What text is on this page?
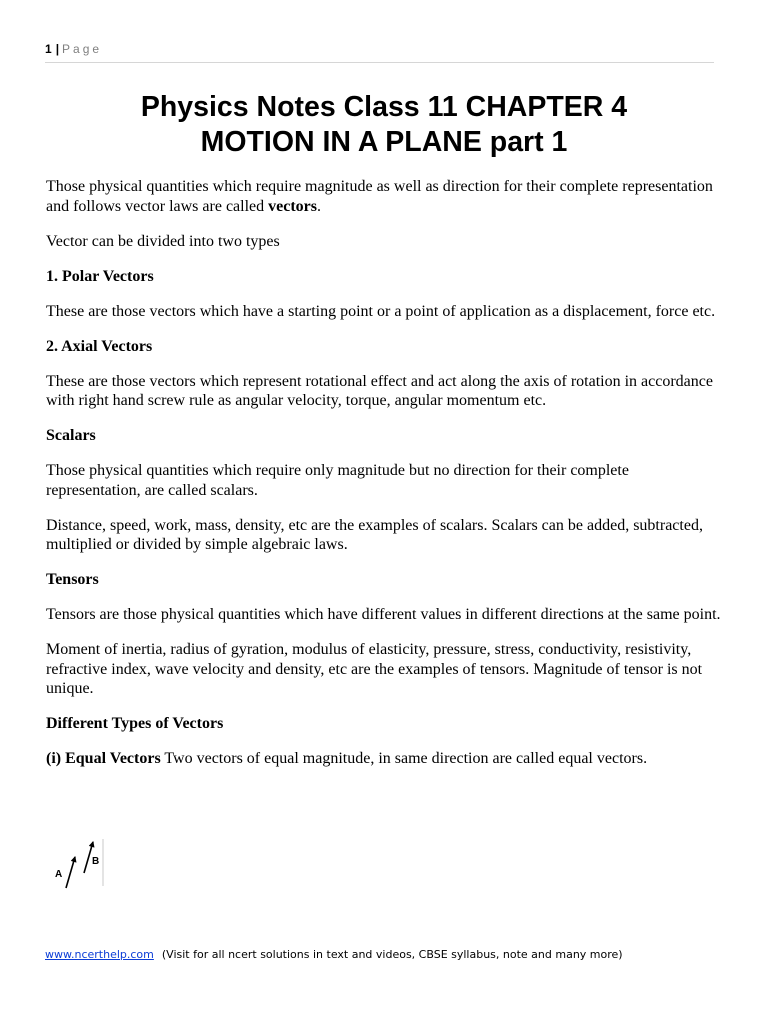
1 | Page
Physics Notes Class 11 CHAPTER 4
MOTION IN A PLANE part 1

Those physical quantities which require magnitude as well as direction for their complete representation and follows vector laws are called vectors.

Vector can be divided into two types

1. Polar Vectors

These are those vectors which have a starting point or a point of application as a displacement, force etc.

2. Axial Vectors

These are those vectors which represent rotational effect and act along the axis of rotation in accordance with right hand screw rule as angular velocity, torque, angular momentum etc.

Scalars

Those physical quantities which require only magnitude but no direction for their complete representation, are called scalars.

Distance, speed, work, mass, density, etc are the examples of scalars. Scalars can be added, subtracted, multiplied or divided by simple algebraic laws.

Tensors

Tensors are those physical quantities which have different values in different directions at the same point.

Moment of inertia, radius of gyration, modulus of elasticity, pressure, stress, conductivity, resistivity, refractive index, wave velocity and density, etc are the examples of tensors. Magnitude of tensor is not unique.

Different Types of Vectors

(i) Equal Vectors Two vectors of equal magnitude, in same direction are called equal vectors.

A
B
www.ncerthelp.com (Visit for all ncert solutions in text and videos, CBSE syllabus, note and many more)
